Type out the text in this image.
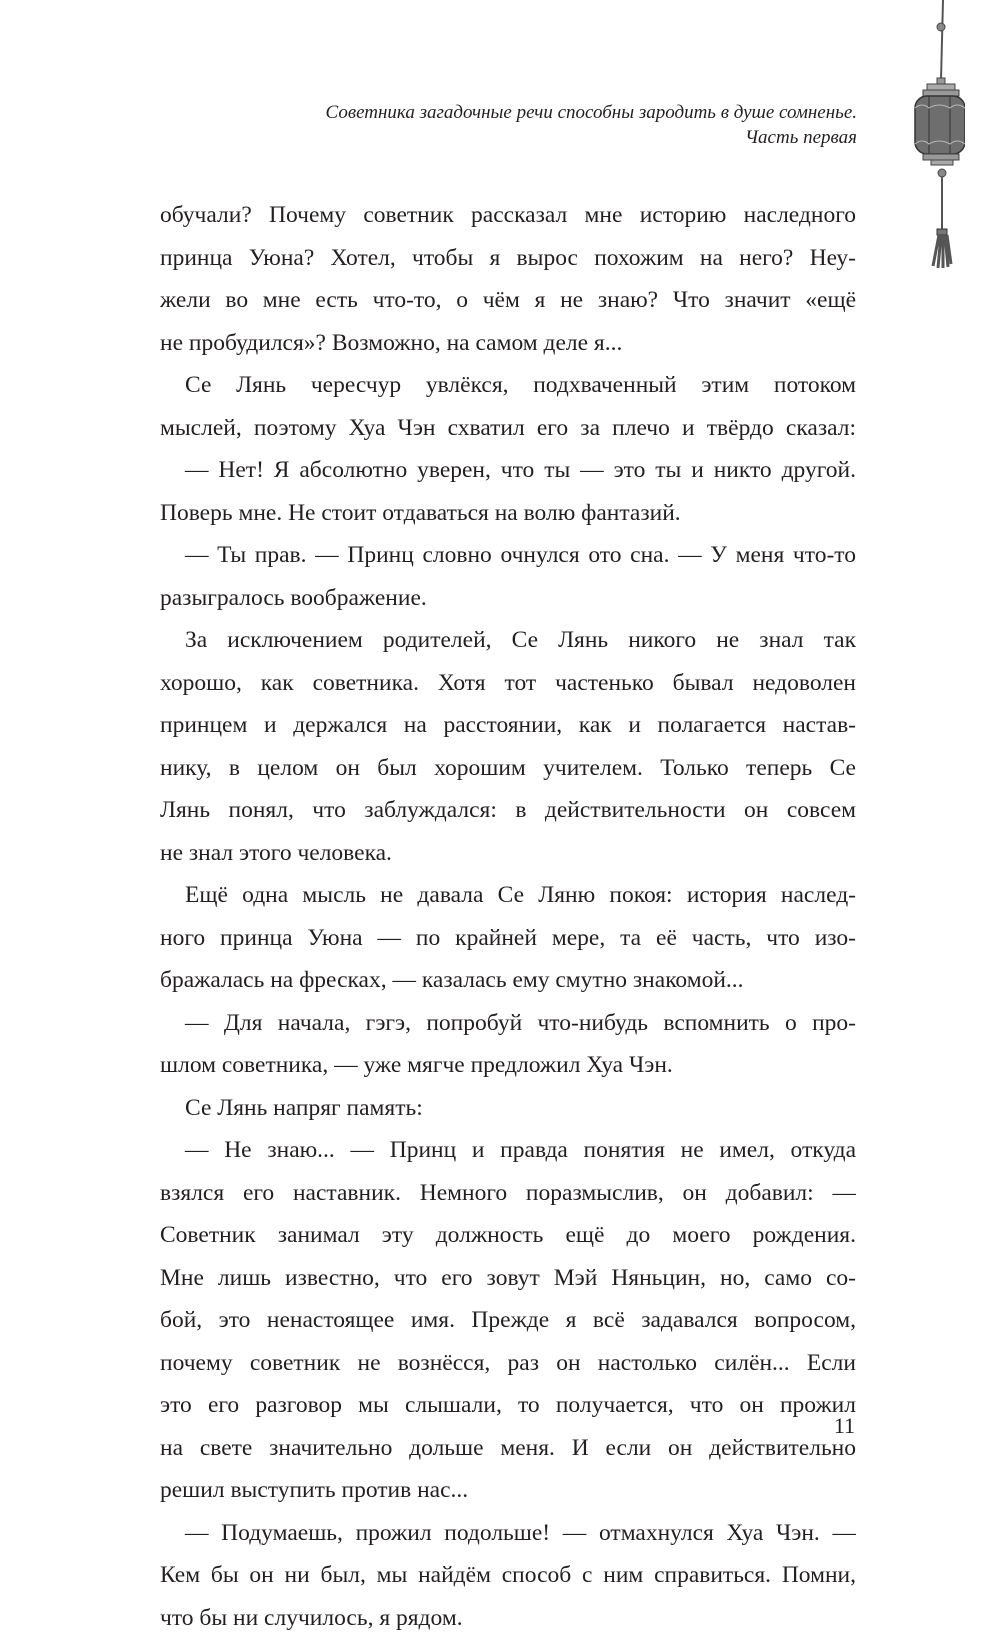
Советника загадочные речи способны зародить в душе сомненье.
Часть первая
обучали? Почему советник рассказал мне историю наследного
принца Уюна? Хотел, чтобы я вырос похожим на него? Неу-
жели во мне есть что-то, о чём я не знаю? Что значит «ещё
не пробудился»? Возможно, на самом деле я...
Се Лянь чересчур увлёкся, подхваченный этим потоком
мыслей, поэтому Хуа Чэн схватил его за плечо и твёрдо сказал:
— Нет! Я абсолютно уверен, что ты — это ты и никто другой.
Поверь мне. Не стоит отдаваться на волю фантазий.
— Ты прав. — Принц словно очнулся ото сна. — У меня что-то
разыгралось воображение.
За исключением родителей, Се Лянь никого не знал так
хорошо, как советника. Хотя тот частенько бывал недоволен
принцем и держался на расстоянии, как и полагается настав-
нику, в целом он был хорошим учителем. Только теперь Се
Лянь понял, что заблуждался: в действительности он совсем
не знал этого человека.
Ещё одна мысль не давала Се Ляню покоя: история наслед-
ного принца Уюна — по крайней мере, та её часть, что изо-
бражалась на фресках, — казалась ему смутно знакомой...
— Для начала, гэгэ, попробуй что-нибудь вспомнить о про-
шлом советника, — уже мягче предложил Хуа Чэн.
Се Лянь напряг память:
— Не знаю... — Принц и правда понятия не имел, откуда
взялся его наставник. Немного поразмыслив, он добавил: —
Советник занимал эту должность ещё до моего рождения.
Мне лишь известно, что его зовут Мэй Няньцин, но, само со-
бой, это ненастоящее имя. Прежде я всё задавался вопросом,
почему советник не вознёсся, раз он настолько силён... Если
это его разговор мы слышали, то получается, что он прожил
на свете значительно дольше меня. И если он действительно
решил выступить против нас...
— Подумаешь, прожил подольше! — отмахнулся Хуа Чэн. —
Кем бы он ни был, мы найдём способ с ним справиться. Помни,
что бы ни случилось, я рядом.
11
